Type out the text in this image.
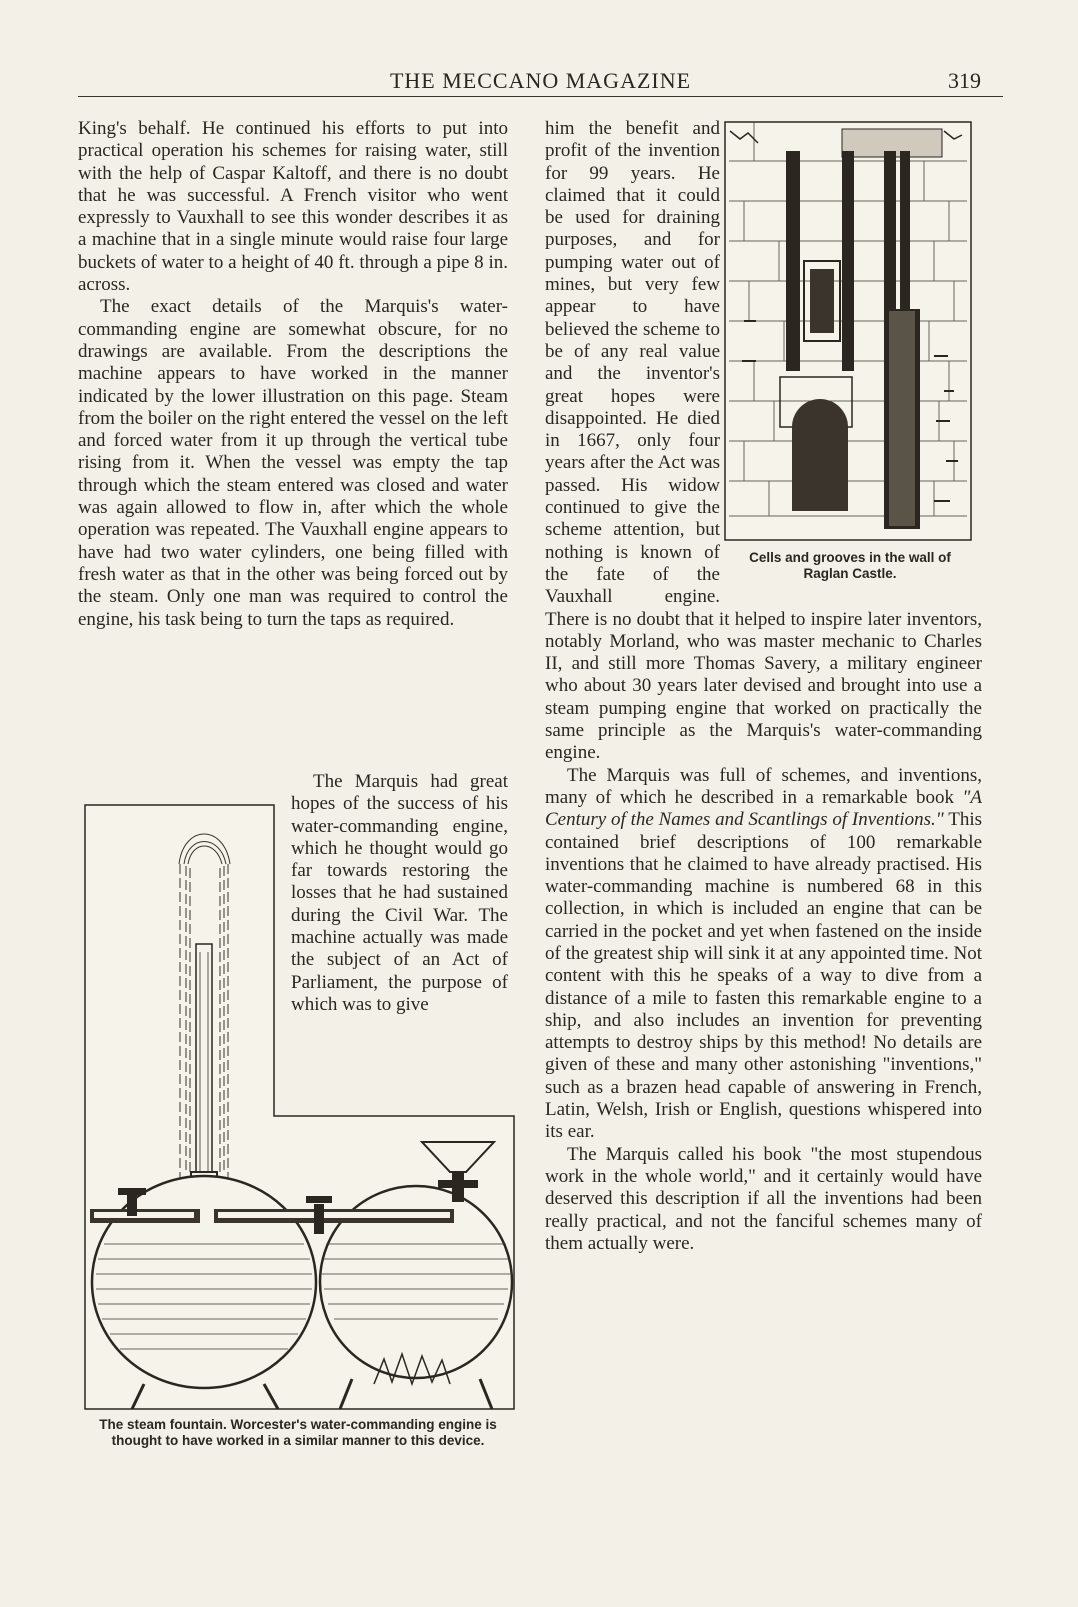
THE MECCANO MAGAZINE	319

King's behalf. He continued his efforts to put into practical operation his schemes for raising water, still with the help of Caspar Kaltoff, and there is no doubt that he was successful. A French visitor who went expressly to Vauxhall to see this wonder describes it as a machine that in a single minute would raise four large buckets of water to a height of 40 ft. through a pipe 8 in. across.

The exact details of the Marquis's water-commanding engine are somewhat obscure, for no drawings are available. From the descriptions the machine appears to have worked in the manner indicated by the lower illustration on this page. Steam from the boiler on the right entered the vessel on the left and forced water from it up through the vertical tube rising from it. When the vessel was empty the tap through which the steam entered was closed and water was again allowed to flow in, after which the whole operation was repeated. The Vauxhall engine appears to have had two water cylinders, one being filled with fresh water as that in the other was being forced out by the steam. Only one man was required to control the engine, his task being to turn the taps as required.

The Marquis had great hopes of the success of his water-commanding engine, which he thought would go far towards restoring the losses that he had sustained during the Civil War. The machine actually was made the subject of an Act of Parliament, the purpose of which was to give

him the benefit and profit of the invention for 99 years. He claimed that it could be used for draining purposes, and for pumping water out of mines, but very few appear to have believed the scheme to be of any real value and the inventor's great hopes were disappointed. He died in 1667, only four years after the Act was passed. His widow continued to give the scheme attention, but nothing is known of the fate of the Vauxhall engine. There is no doubt that it helped to inspire later inventors, notably Morland, who was master mechanic to Charles II, and still more Thomas Savery, a military engineer who about 30 years later devised and brought into use a steam pumping engine that worked on practically the same principle as the Marquis's water-commanding engine.

The Marquis was full of schemes, and inventions, many of which he described in a remarkable book "A Century of the Names and Scantlings of Inventions." This contained brief descriptions of 100 remarkable inventions that he claimed to have already practised. His water-commanding machine is numbered 68 in this collection, in which is included an engine that can be carried in the pocket and yet when fastened on the inside of the greatest ship will sink it at any appointed time. Not content with this he speaks of a way to dive from a distance of a mile to fasten this remarkable engine to a ship, and also includes an invention for preventing attempts to destroy ships by this method! No details are given of these and many other astonishing "inventions," such as a brazen head capable of answering in French, Latin, Welsh, Irish or English, questions whispered into its ear.

The Marquis called his book "the most stupendous work in the whole world," and it certainly would have deserved this description if all the inventions had been really practical, and not the fanciful schemes many of them actually were.

Cells and grooves in the wall of Raglan Castle.
The steam fountain. Worcester's water-commanding engine is thought to have worked in a similar manner to this device.
